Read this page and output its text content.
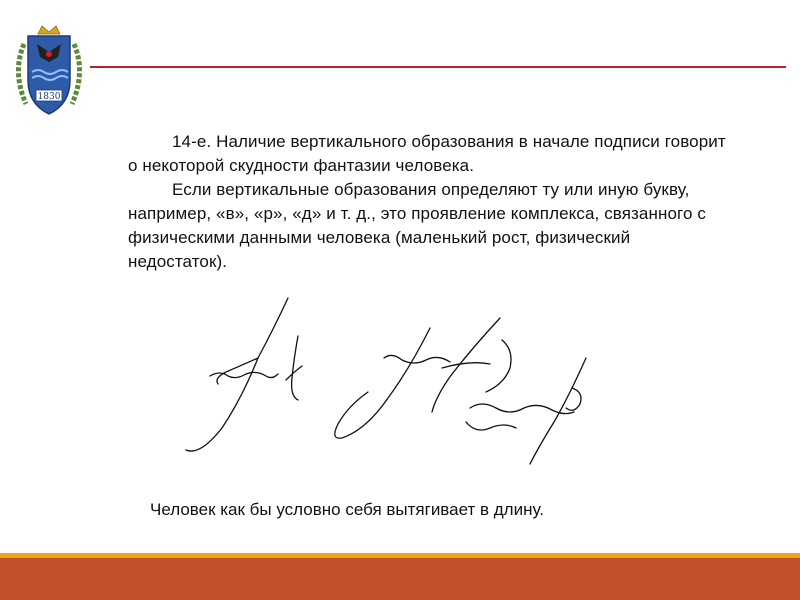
1830

14-е. Наличие вертикального образования в начале подписи говорит о некоторой скудности фантазии человека.

Если вертикальные образования определяют ту или иную букву, например, «в», «р», «д» и т. д., это проявление комплекса, связанного с физическими данными человека (маленький рост, физический недостаток).

Человек как бы условно себя вытягивает в длину.
